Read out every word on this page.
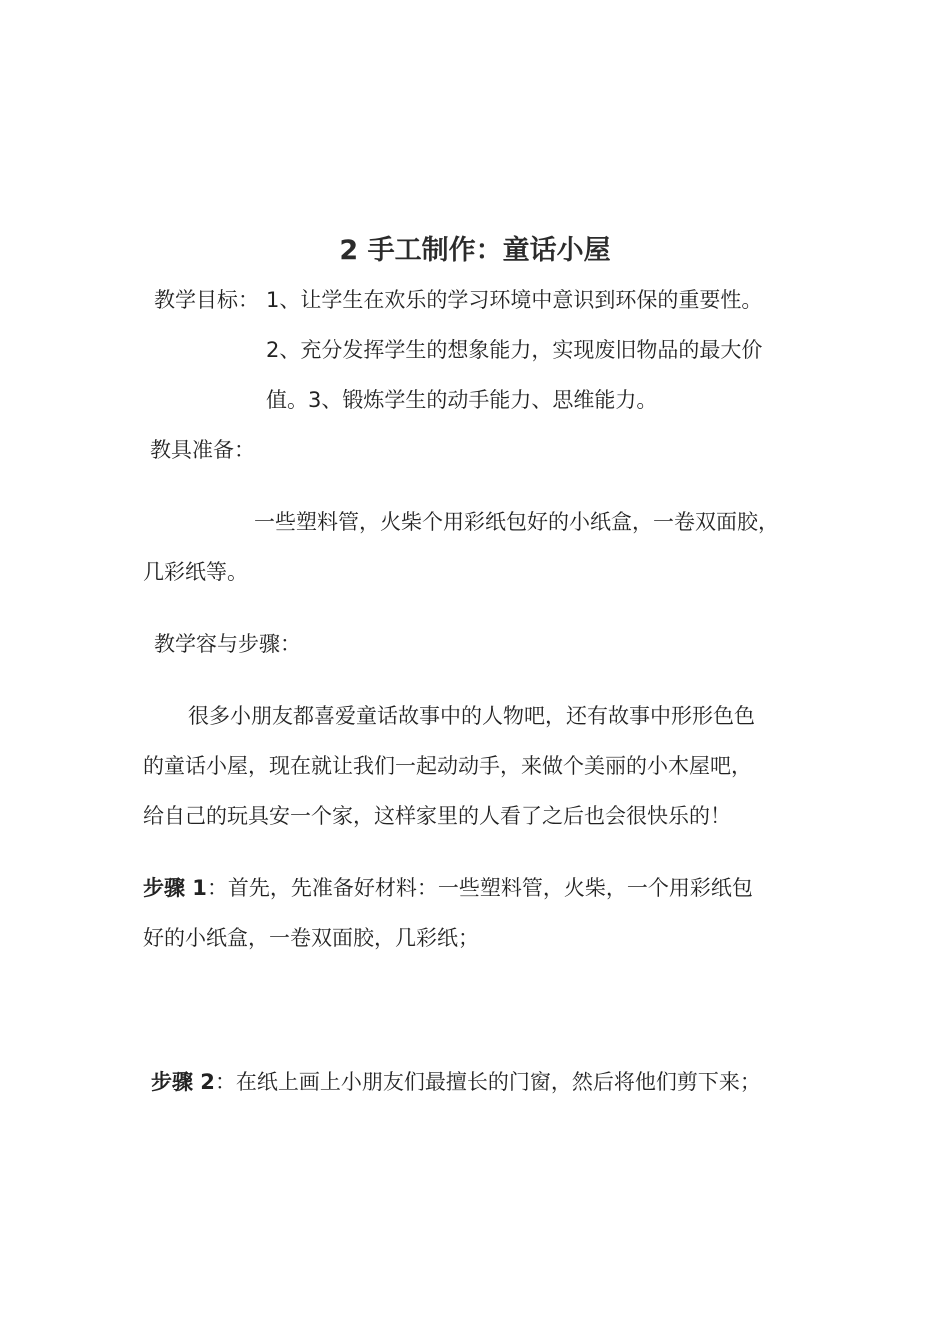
2 手工制作：童话小屋
教学目标： 1、让学生在欢乐的学习环境中意识到环保的重要性。
2、充分发挥学生的想象能力，实现废旧物品的最大价
值。3、锻炼学生的动手能力、思维能力。
教具准备：
一些塑料管，火柴个用彩纸包好的小纸盒，一卷双面胶，
几彩纸等。
教学容与步骤：
很多小朋友都喜爱童话故事中的人物吧，还有故事中形形色色
的童话小屋，现在就让我们一起动动手，来做个美丽的小木屋吧，
给自己的玩具安一个家，这样家里的人看了之后也会很快乐的！
步骤 1：首先，先准备好材料：一些塑料管，火柴，一个用彩纸包
好的小纸盒，一卷双面胶，几彩纸；
步骤 2：在纸上画上小朋友们最擅长的门窗，然后将他们剪下来；
